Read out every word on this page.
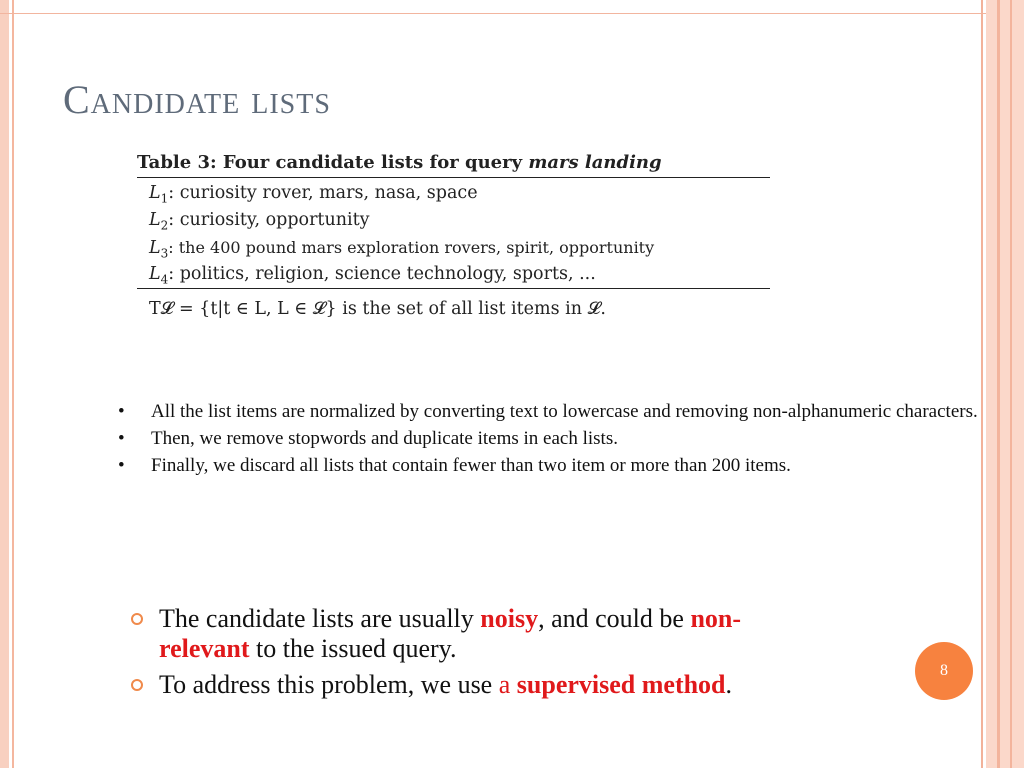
Candidate lists
Table 3: Four candidate lists for query mars landing
$L_1$: curiosity rover, mars, nasa, space
$L_2$: curiosity, opportunity
$L_3$: the 400 pound mars exploration rovers, spirit, opportunity
$L_4$: politics, religion, science technology, sports, ...
T𝓛 = {t|t ∈ L, L ∈ 𝓛} is the set of all list items in 𝓛.
• All the list items are normalized by converting text to lowercase and removing non-alphanumeric characters.
• Then, we remove stopwords and duplicate items in each lists.
• Finally, we discard all lists that contain fewer than two item or more than 200 items.
The candidate lists are usually noisy, and could be non-relevant to the issued query.
To address this problem, we use a supervised method.	8
